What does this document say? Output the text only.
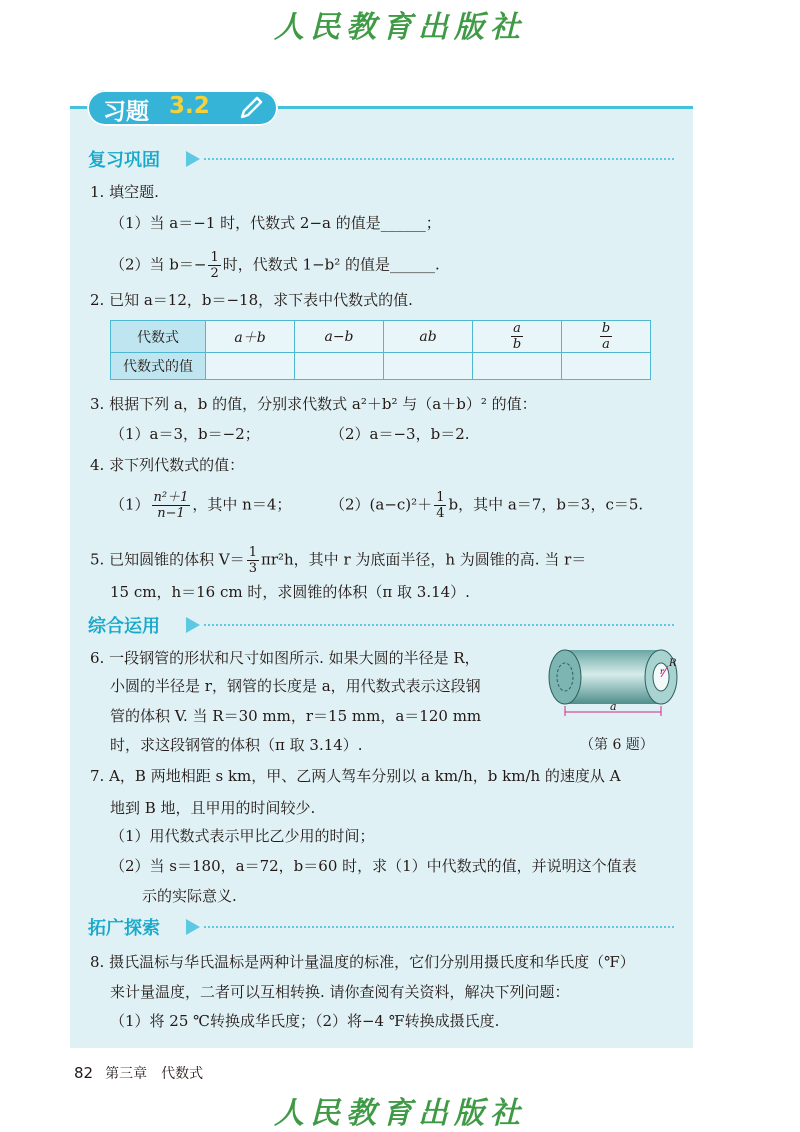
人民教育出版社
习题 3.2
复习巩固
1. 填空题.
（1）当 a＝−1 时，代数式 2−a 的值是______；
（2）当 $b=- \frac{1}{2}$ 时，代数式 1−b² 的值是______.
2. 已知 a＝12，b＝−18，求下表中代数式的值.
代数式	a＋b	a−b	ab	$\frac{a}{b}$	$\frac{b}{a}$

代数式的值					
3. 根据下列 a，b 的值，分别求代数式 a²＋b² 与（a＋b）² 的值：
（1）a＝3，b＝−2；	（2）a＝−3，b＝2.
4. 求下列代数式的值：
$(1) \frac{\text{n²＋1}}{n-1}$ ，其中 n＝4；	$(2)(a-c)^2+ \frac{1}{4}$ b，其中 a＝7，b＝3，c＝5.
5. 已知圆锥的体积 $V= \frac{1}{3} \pi r^2h$，其中 r 为底面半径，h 为圆锥的高. 当 r＝
15 cm，h＝16 cm 时，求圆锥的体积（π 取 3.14）.
综合运用
6. 一段钢管的形状和尺寸如图所示. 如果大圆的半径是 R，
小圆的半径是 r，钢管的长度是 a，用代数式表示这段钢
管的体积 V. 当 R＝30 mm，r＝15 mm，a＝120 mm
时，求这段钢管的体积（π 取 3.14）.
R
r
a
（第 6 题）
7. A，B 两地相距 s km，甲、乙两人驾车分别以 a km/h，b km/h 的速度从 A
地到 B 地，且甲用的时间较少.
（1）用代数式表示甲比乙少用的时间；
（2）当 s＝180，a＝72，b＝60 时，求（1）中代数式的值，并说明这个值表
示的实际意义.
拓广探索
8. 摄氏温标与华氏温标是两种计量温度的标准，它们分别用摄氏度和华氏度（℉）
来计量温度，二者可以互相转换. 请你查阅有关资料，解决下列问题：
（1）将 25 ℃转换成华氏度；（2）将−4 ℉转换成摄氏度.
82 第三章　代数式
人民教育出版社
